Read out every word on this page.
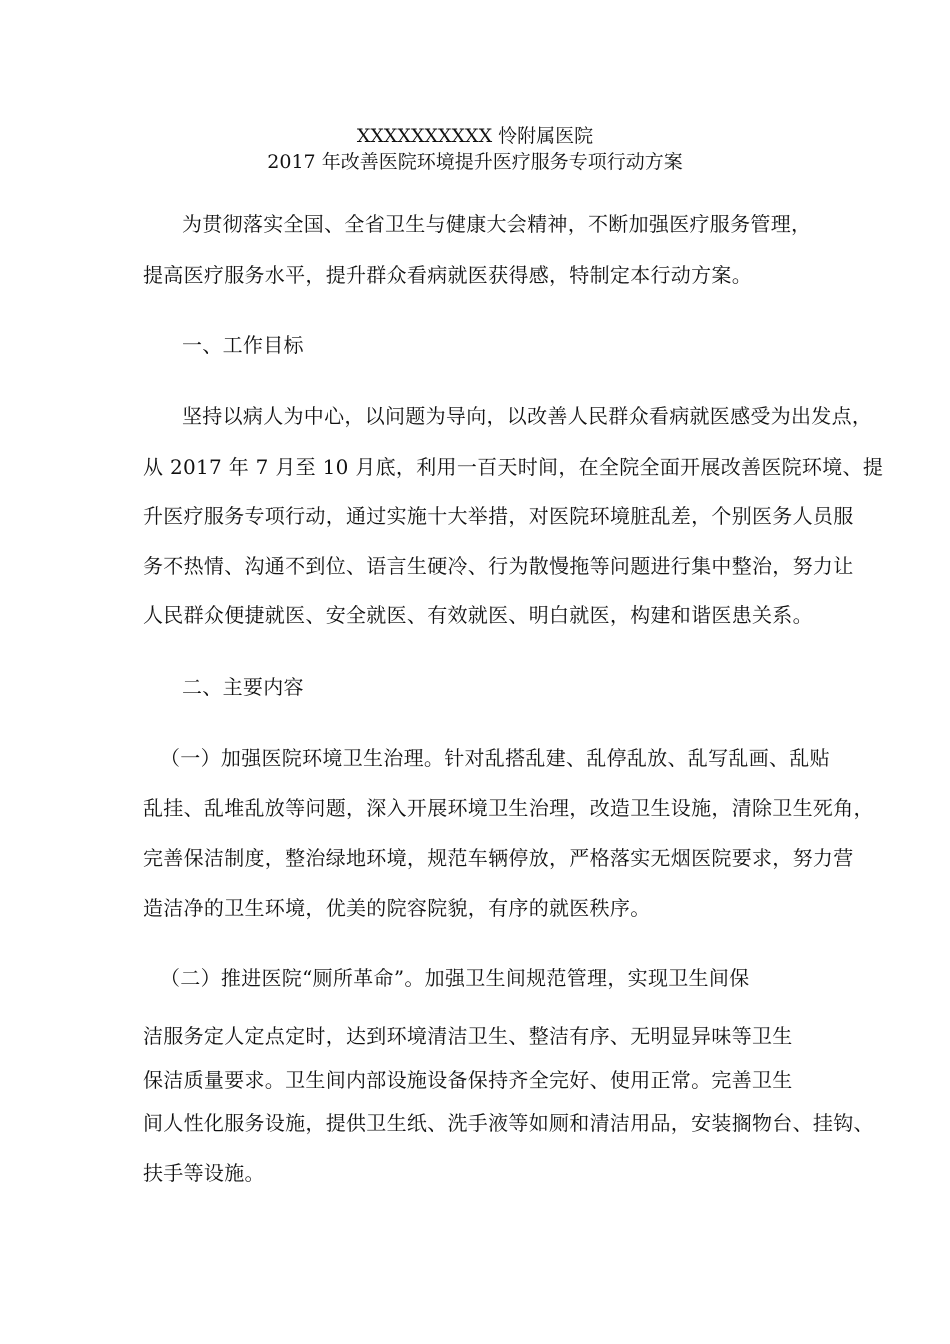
XXXXXXXXXX 怜附属医院
2017 年改善医院环境提升医疗服务专项行动方案
为贯彻落实全国、全省卫生与健康大会精神，不断加强医疗服务管理，
提高医疗服务水平，提升群众看病就医获得感，特制定本行动方案。
一、工作目标
坚持以病人为中心，以问题为导向，以改善人民群众看病就医感受为出发点，
从 2017 年 7 月至 10 月底，利用一百天时间，在全院全面开展改善医院环境、提
升医疗服务专项行动，通过实施十大举措，对医院环境脏乱差，个别医务人员服
务不热情、沟通不到位、语言生硬冷、行为散慢拖等问题进行集中整治，努力让
人民群众便捷就医、安全就医、有效就医、明白就医，构建和谐医患关系。
二、主要内容
（一）加强医院环境卫生治理。针对乱搭乱建、乱停乱放、乱写乱画、乱贴
乱挂、乱堆乱放等问题，深入开展环境卫生治理，改造卫生设施，清除卫生死角，
完善保洁制度，整治绿地环境，规范车辆停放，严格落实无烟医院要求，努力营
造洁净的卫生环境，优美的院容院貌，有序的就医秩序。
（二）推进医院“厕所革命”。加强卫生间规范管理，实现卫生间保
洁服务定人定点定时，达到环境清洁卫生、整洁有序、无明显异味等卫生
保洁质量要求。卫生间内部设施设备保持齐全完好、使用正常。完善卫生
间人性化服务设施，提供卫生纸、洗手液等如厕和清洁用品，安装搁物台、挂钩、
扶手等设施。
